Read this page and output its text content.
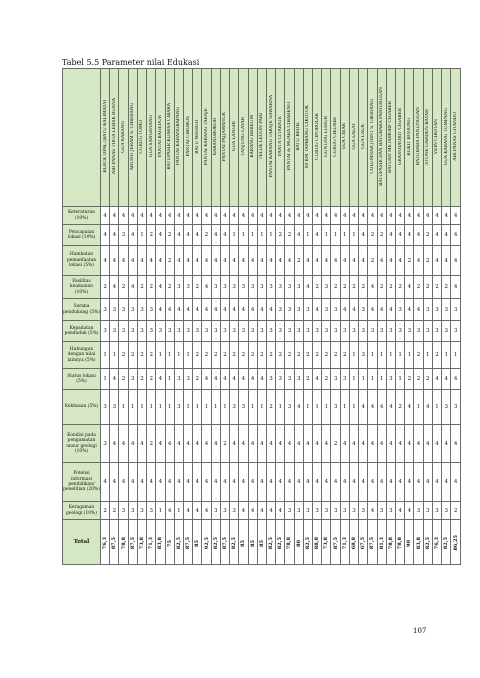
Tabel 5.5 Parameter nilai Edukasi

	BLACK OPAL (BATU KALIMAYA)	AIR PANAS TIRTA LEBAK BUANA	GUA KARANG	ARUNG JERAM S. CIBERANG	CURUG TOMO	GUA SANGHYANG	PANTAI BAGEDUR	BATUPASIR KUARSA CIBARA	PANTAI KARANGBAPANG	PANTAI CIBOBOS	BATU MASIGIT	PANTAI KARANG TARAJE	KARANGBOKOR	PANTAI PAJJAMANUK	GUA LANGIR	TANJUNG LAYAR	KARANG BEREUM	TELUK LEGON PARI	PANTAI KARANG TARAJE SAWARNA	PANTA CITARATE	PANTAI & MUARA CIBARENO	BATU BEDIL	00 KM TAMBANG CIKOTOK	CURUG CIPOROLAK	GUNUNG LUHUR	CURUG CIKURIH	GUA CIEAR	GUA LALAY	GUA LAUK	COLUMNAR JOINT S. CIKIDANG	BATUPASIR DAN BATUBARA PANIURULAN	BATUAN METAMORF CIGABER	GRANODIORIT CIGABER	BUKIT BOOONG	BATUBARA PANUNGGAN	STONE GARDEN BAYAH	VEIN CIROTAN	GUA KARANG TUMPANG	AIR PANAS CITANDO

Keteraturan (10%)	4	4	4	4	4	4	4	4	4	4	4	4	4	4	4	4	4	4	4	4	4	4	4	4	4	4	4	4	4	4	4	4	4	4	4	4	4	4	4
Pencapaian lokasi (10%)	4	4	3	4	1	2	4	2	4	4	4	2	4	4	1	1	1	1	1	2	2	4	1	4	1	1	1	1	4	2	2	4	4	4	4	2	4	4	4
Hambatan pemanfaatan lokasi (5%)	4	4	4	4	4	4	4	2	4	4	4	4	4	4	4	4	4	4	4	4	4	2	4	4	4	4	4	4	4	2	4	4	4	2	4	2	4	4	4
Fasilitas keamanan (10%)	2	4	2	4	2	2	4	2	3	3	2	4	3	3	3	3	3	3	3	3	3	3	4	2	3	2	2	2	2	4	2	2	2	4	2	2	2	2	4
Sarana pendukung (5%)	3	3	3	3	3	3	4	4	4	4	4	4	4	4	4	4	4	4	4	3	3	3	3	4	3	3	4	4	3	4	4	4	3	4	4	3	3	3	3
Kepadatan penduduk (5%)	3	3	3	3	3	3	3	3	3	3	3	3	3	3	3	3	3	3	3	3	3	3	3	3	3	3	3	3	3	3	3	3	3	3	3	3	3	3	3
Hubungan dengan nilai lainnya (5%)	1	1	2	2	2	2	1	1	1	1	2	2	2	2	2	2	2	2	2	2	2	2	2	2	2	2	2	1	3	1	1	1	1	1	2	1	2	1	1
Status lokasi (5%)	1	4	2	3	2	2	4	1	3	3	2	4	4	4	4	4	4	4	3	3	3	3	2	4	2	3	3	1	1	1	1	3	1	2	2	2	4	4	4
Kekhasan (5%)	3	3	1	1	1	1	1	1	3	1	1	1	1	1	3	3	1	1	2	1	3	4	1	1	1	3	1	1	4	4	4	4	2	4	1	4	1	3	3
Kondisi pada pengamatan unsur geologi (10%)	3	4	4	4	4	2	4	4	4	4	4	4	4	2	4	4	4	4	4	4	4	4	4	4	4	2	4	4	4	4	4	4	4	4	4	4	4	4	4
Potensi informasi pendidikan/ penelitian (20%)	4	4	4	4	4	4	4	4	4	4	4	4	4	4	4	4	4	4	4	4	4	4	4	4	4	4	4	4	4	4	4	4	4	4	4	4	4	4	4
Keragaman geologi (10%)	2	2	3	3	3	3	1	4	1	4	4	4	3	3	3	4	4	4	4	4	3	3	3	3	3	3	3	3	3	4	3	3	4	4	3	3	3	3	2
Total	76,3	87,5	78,8	87,5	73,8	71,3	83,8	75	82,5	87,5	85	92,5	82,5	87,5	82,5	85	85	85	82,5	82,5	78,8	80	82,5	88,8	73,8	87,5	71,3	68,8	67,5	87,5	81,3	78,8	78,8	90	83,8	82,5	76,3	82,5	86,25
107
